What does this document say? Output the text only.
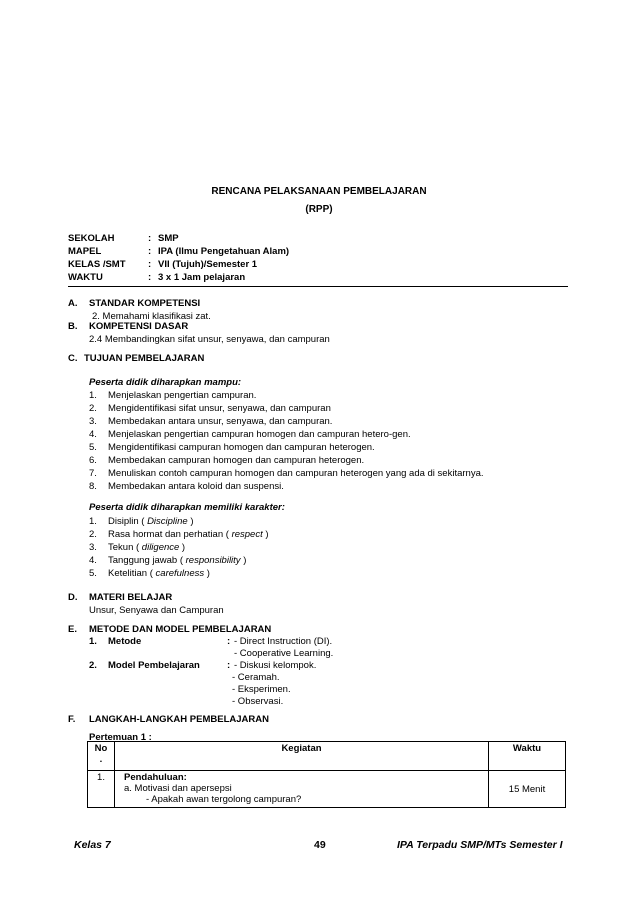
RENCANA PELAKSANAAN PEMBELAJARAN
(RPP)
SEKOLAH	: SMP
MAPEL	: IPA (Ilmu Pengetahuan Alam)
KELAS /SMT : VII (Tujuh)/Semester 1
WAKTU	: 3 x 1 Jam pelajaran
A. STANDAR KOMPETENSI
2. Memahami klasifikasi zat.
B. KOMPETENSI DASAR
2.4 Membandingkan sifat unsur, senyawa, dan campuran
C. TUJUAN PEMBELAJARAN
Peserta didik diharapkan mampu:
1. Menjelaskan pengertian campuran.
2. Mengidentifikasi sifat unsur, senyawa, dan campuran
3. Membedakan antara unsur, senyawa, dan campuran.
4. Menjelaskan pengertian campuran homogen dan campuran hetero-gen.
5. Mengidentifikasi campuran homogen dan campuran heterogen.
6. Membedakan campuran homogen dan campuran heterogen.
7. Menuliskan contoh campuran homogen dan campuran heterogen yang ada di sekitarnya.
8. Membedakan antara koloid dan suspensi.
Peserta didik diharapkan memiliki karakter:
1. Disiplin ( Discipline )
2. Rasa hormat dan perhatian ( respect )
3. Tekun ( diligence )
4. Tanggung jawab ( responsibility )
5. Ketelitian ( carefulness )
D. MATERI BELAJAR
Unsur, Senyawa dan Campuran
E. METODE DAN MODEL PEMBELAJARAN
1. Metode	: - Direct Instruction (DI).
- Cooperative Learning.
2. Model Pembelajaran	: - Diskusi kelompok.
- Ceramah.
- Eksperimen.
- Observasi.
F. LANGKAH-LANGKAH PEMBELAJARAN
Pertemuan 1 :
No
.	Kegiatan	Waktu
1.	Pendahuluan:
a. Motivasi dan apersepsi
- Apakah awan tergolong campuran?	15 Menit
Kelas 7	49	IPA Terpadu SMP/MTs Semester I
